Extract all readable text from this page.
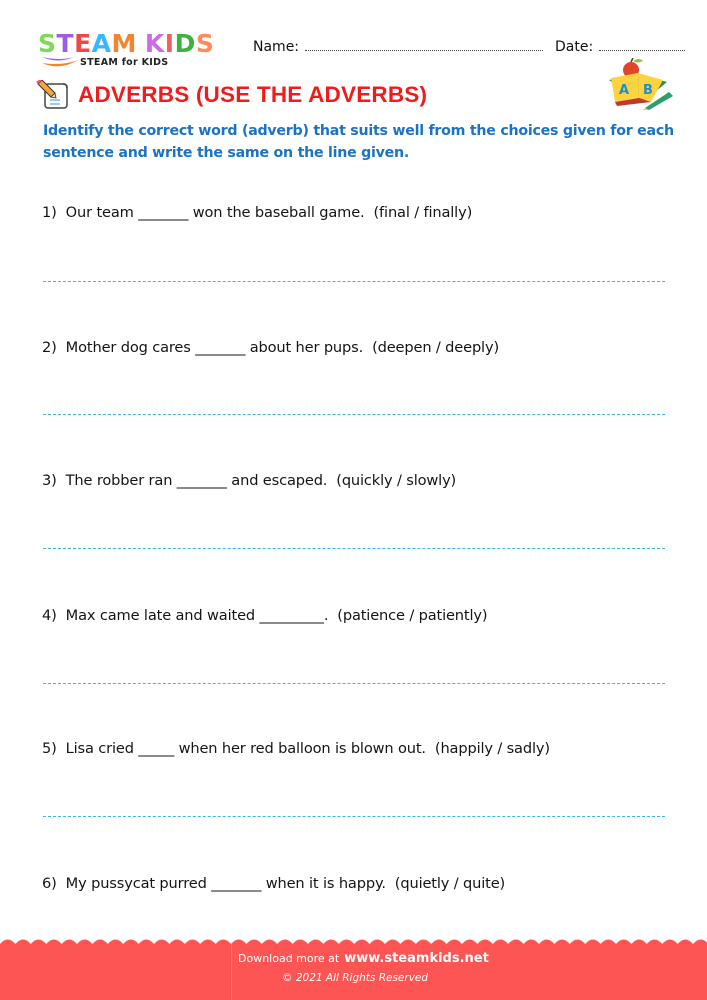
S T E A M K I D S
STEAM for KIDS
Name:	Date:
A B
ADVERBS (USE THE ADVERBS)
Identify the correct word (adverb) that suits well from the choices given for each sentence and write the same on the line given.
1) Our team _______ won the baseball game.  (final / finally)
2) Mother dog cares _______ about her pups.  (deepen / deeply)
3) The robber ran _______ and escaped.  (quickly / slowly)
4) Max came late and waited _________.  (patience / patiently)
5) Lisa cried _____ when her red balloon is blown out.  (happily / sadly)
6) My pussycat purred _______ when it is happy.  (quietly / quite)
Download more at www.steamkids.net
© 2021 All Rights Reserved
